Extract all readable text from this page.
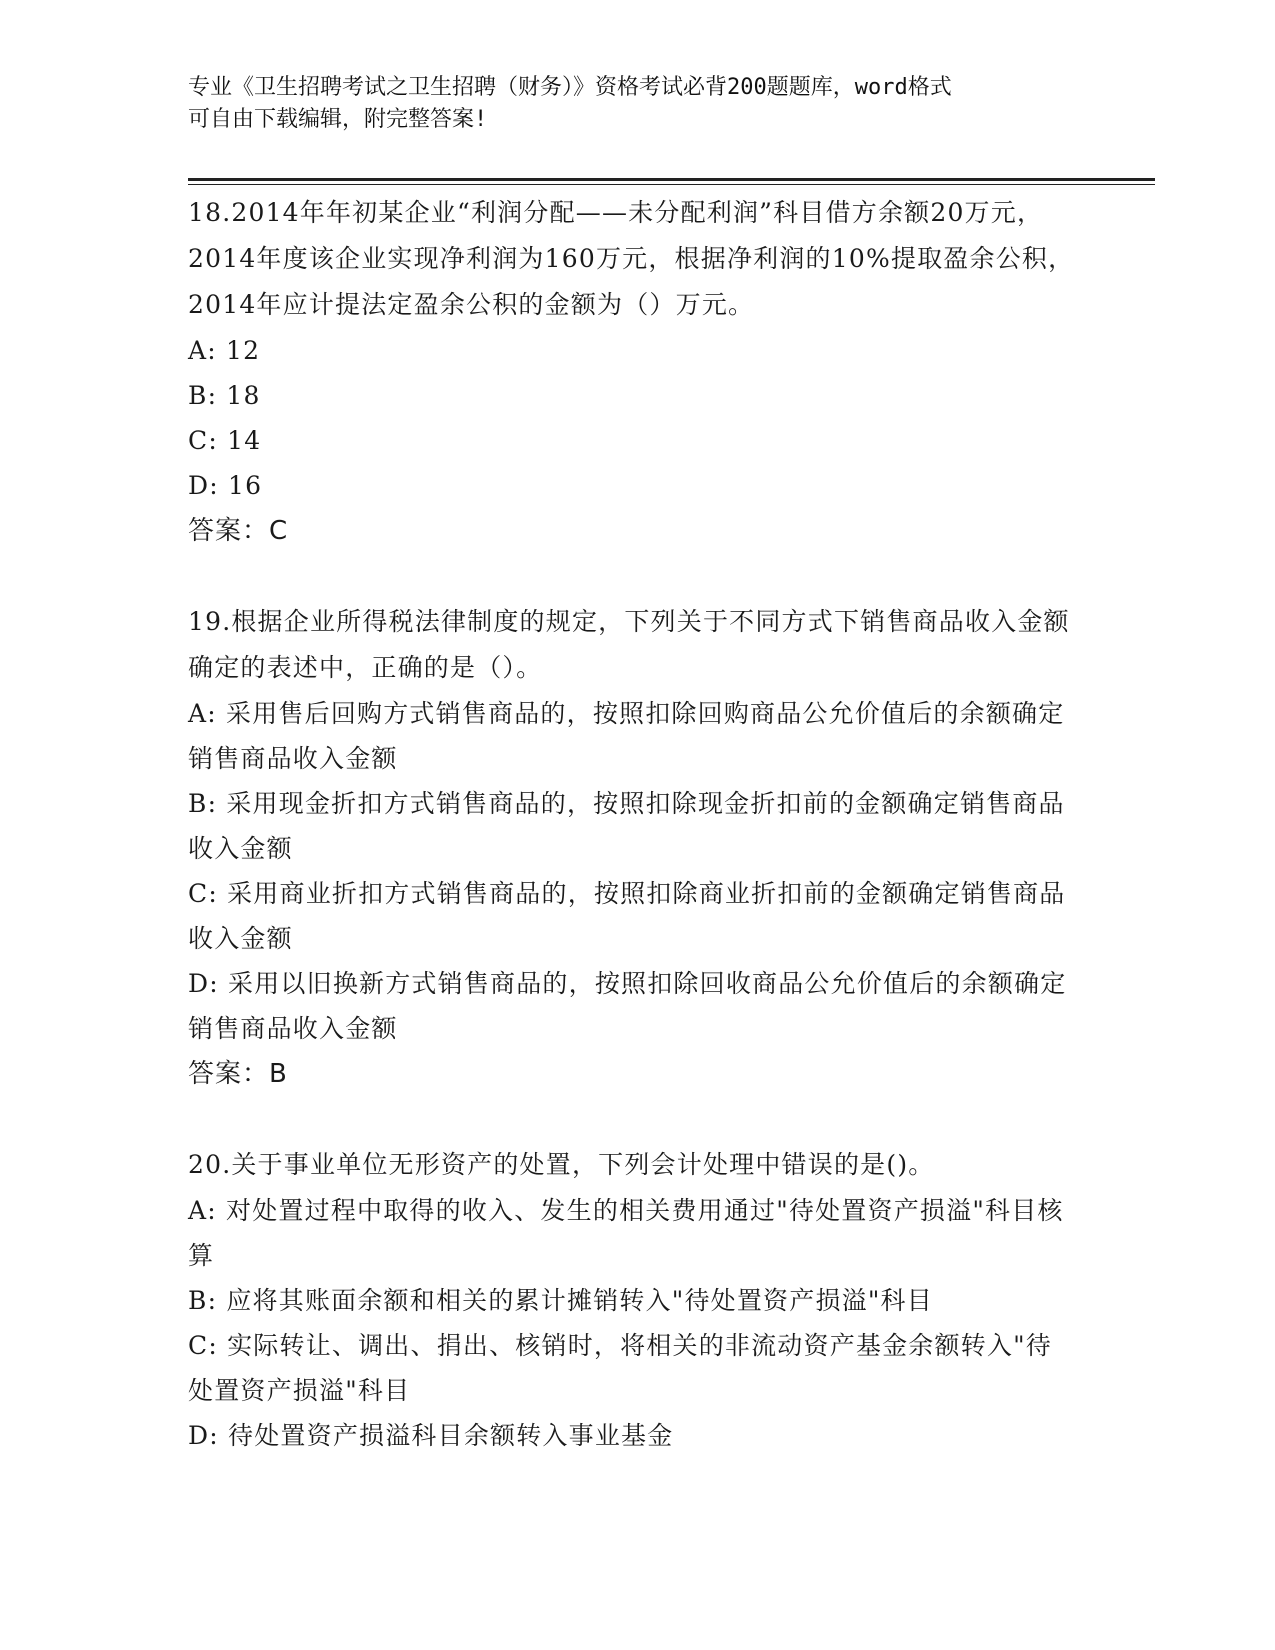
专业《卫生招聘考试之卫生招聘（财务）》资格考试必背200题题库，word格式
可自由下载编辑，附完整答案!
18.2014年年初某企业“利润分配——未分配利润”科目借方余额20万元，2014年度该企业实现净利润为160万元，根据净利润的10%提取盈余公积，2014年应计提法定盈余公积的金额为（）万元。
A: 12
B: 18
C: 14
D: 16
答案：C
19.根据企业所得税法律制度的规定，下列关于不同方式下销售商品收入金额确定的表述中，正确的是（）。
A: 采用售后回购方式销售商品的，按照扣除回购商品公允价值后的余额确定销售商品收入金额
B: 采用现金折扣方式销售商品的，按照扣除现金折扣前的金额确定销售商品收入金额
C: 采用商业折扣方式销售商品的，按照扣除商业折扣前的金额确定销售商品收入金额
D: 采用以旧换新方式销售商品的，按照扣除回收商品公允价值后的余额确定销售商品收入金额
答案：B
20.关于事业单位无形资产的处置，下列会计处理中错误的是()。
A: 对处置过程中取得的收入、发生的相关费用通过"待处置资产损溢"科目核算
B: 应将其账面余额和相关的累计摊销转入"待处置资产损溢"科目
C: 实际转让、调出、捐出、核销时，将相关的非流动资产基金余额转入"待处置资产损溢"科目
D: 待处置资产损溢科目余额转入事业基金
